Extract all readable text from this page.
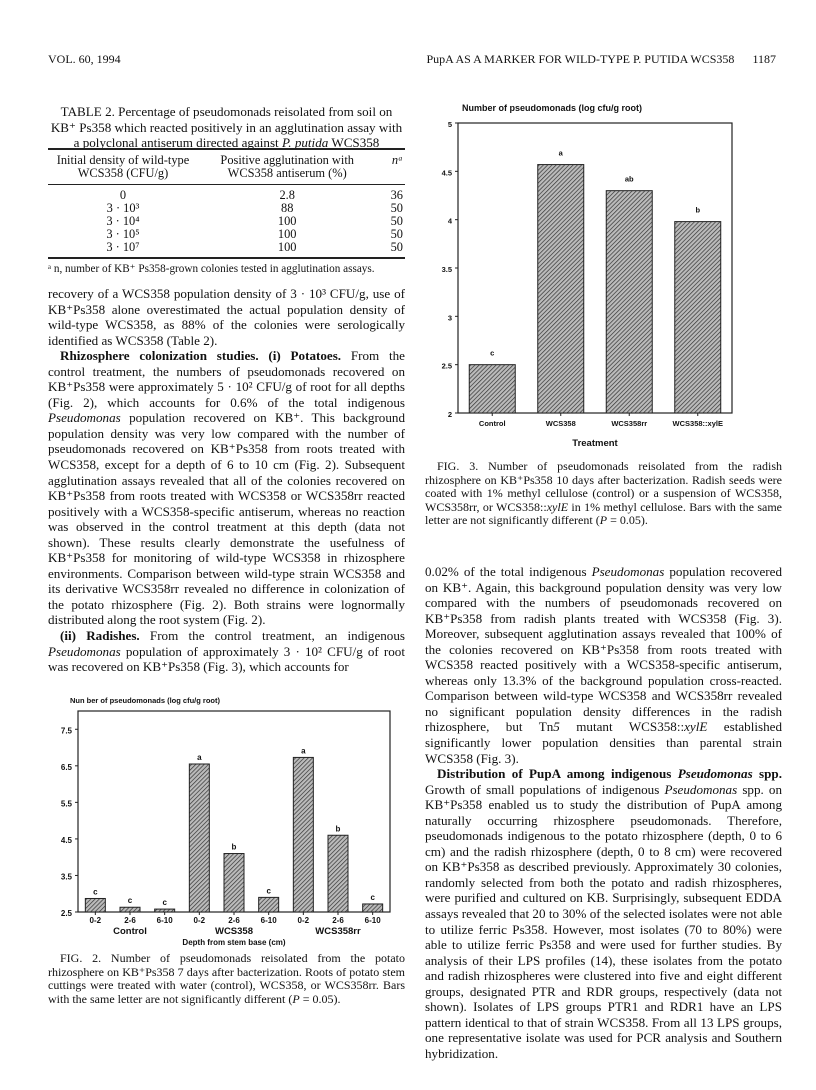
VOL. 60, 1994	PupA AS A MARKER FOR WILD-TYPE P. PUTIDA WCS358 1187
TABLE 2. Percentage of pseudomonads reisolated from soil on KB⁺ Ps358 which reacted positively in an agglutination assay with a polyclonal antiserum directed against P. putida WCS358
Initial density of wild-type WCS358 (CFU/g)	Positive agglutination with WCS358 antiserum (%)	nᵃ
0	2.8	36
3 · 10³	88	50
3 · 10⁴	100	50
3 · 10⁵	100	50
3 · 10⁷	100	50
ᵃ n, number of KB⁺ Ps358-grown colonies tested in agglutination assays.

recovery of a WCS358 population density of 3 · 10³ CFU/g, use of KB⁺Ps358 alone overestimated the actual population density of wild-type WCS358, as 88% of the colonies were serologically identified as WCS358 (Table 2).

Rhizosphere colonization studies. (i) Potatoes. From the control treatment, the numbers of pseudomonads recovered on KB⁺Ps358 were approximately 5 · 10² CFU/g of root for all depths (Fig. 2), which accounts for 0.6% of the total indigenous Pseudomonas population recovered on KB⁺. This background population density was very low compared with the number of pseudomonads recovered on KB⁺Ps358 from roots treated with WCS358, except for a depth of 6 to 10 cm (Fig. 2). Subsequent agglutination assays revealed that all of the colonies recovered on KB⁺Ps358 from roots treated with WCS358 or WCS358rr reacted positively with a WCS358-specific antiserum, whereas no reaction was observed in the control treatment at this depth (data not shown). These results clearly demonstrate the usefulness of KB⁺Ps358 for monitoring of wild-type WCS358 in rhizosphere environments. Comparison between wild-type strain WCS358 and its derivative WCS358rr revealed no difference in colonization of the potato rhizosphere (Fig. 2). Both strains were lognormally distributed along the root system (Fig. 2).

(ii) Radishes. From the control treatment, an indigenous Pseudomonas population of approximately 3 · 10² CFU/g of root was recovered on KB⁺Ps358 (Fig. 3), which accounts for

Nun ber of pseudomonads (log cfu/g root)
2.5
3.5
4.5
5.5
6.5
7.5
c
0-2
c
2-6
c
6-10
a
0-2
b
2-6
c
6-10
a
0-2
b
2-6
c
6-10
Control	WCS358	WCS358rr
Depth from stem base (cm)
FIG. 2. Number of pseudomonads reisolated from the potato rhizosphere on KB⁺Ps358 7 days after bacterization. Roots of potato stem cuttings were treated with water (control), WCS358, or WCS358rr. Bars with the same letter are not significantly different (P = 0.05).
Number of pseudomonads (log cfu/g root)
2
2.5
3
3.5
4
4.5
5
c
Control
a
WCS358
ab
WCS358rr
b
WCS358::xylE
Treatment
FIG. 3. Number of pseudomonads reisolated from the radish rhizosphere on KB⁺Ps358 10 days after bacterization. Radish seeds were coated with 1% methyl cellulose (control) or a suspension of WCS358, WCS358rr, or WCS358::xylE in 1% methyl cellulose. Bars with the same letter are not significantly different (P = 0.05).

0.02% of the total indigenous Pseudomonas population recovered on KB⁺. Again, this background population density was very low compared with the numbers of pseudomonads recovered on KB⁺Ps358 from radish plants treated with WCS358 (Fig. 3). Moreover, subsequent agglutination assays revealed that 100% of the colonies recovered on KB⁺Ps358 from roots treated with WCS358 reacted positively with a WCS358-specific antiserum, whereas only 13.3% of the background population cross-reacted. Comparison between wild-type WCS358 and WCS358rr revealed no significant population density differences in the radish rhizosphere, but Tn5 mutant WCS358::xylE established significantly lower population densities than parental strain WCS358 (Fig. 3).

Distribution of PupA among indigenous Pseudomonas spp. Growth of small populations of indigenous Pseudomonas spp. on KB⁺Ps358 enabled us to study the distribution of PupA among naturally occurring rhizosphere pseudomonads. Therefore, pseudomonads indigenous to the potato rhizosphere (depth, 0 to 6 cm) and the radish rhizosphere (depth, 0 to 8 cm) were recovered on KB⁺Ps358 as described previously. Approximately 30 colonies, randomly selected from both the potato and radish rhizospheres, were purified and cultured on KB. Surprisingly, subsequent EDDA assays revealed that 20 to 30% of the selected isolates were not able to utilize ferric Ps358. However, most isolates (70 to 80%) were able to utilize ferric Ps358 and were used for further studies. By analysis of their LPS profiles (14), these isolates from the potato and radish rhizospheres were clustered into five and eight different groups, designated PTR and RDR groups, respectively (data not shown). Isolates of LPS groups PTR1 and RDR1 have an LPS pattern identical to that of strain WCS358. From all 13 LPS groups, one representative isolate was used for PCR analysis and Southern hybridization.
